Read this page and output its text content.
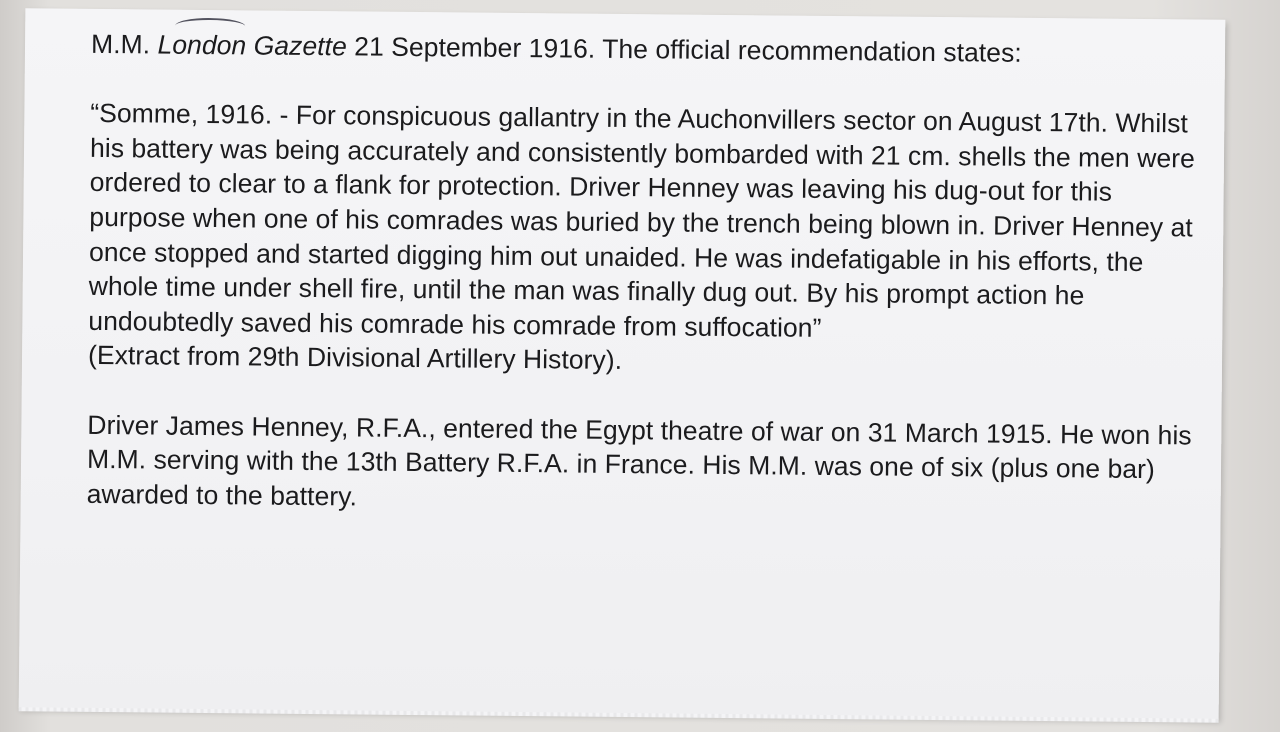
M.M. London Gazette 21 September 1916. The official recommendation states:

“Somme, 1916. - For conspicuous gallantry in the Auchonvillers sector on August 17th. Whilst his battery was being accurately and consistently bombarded with 21 cm. shells the men were ordered to clear to a flank for protection. Driver Henney was leaving his dug-out for this purpose when one of his comrades was buried by the trench being blown in. Driver Henney at once stopped and started digging him out unaided. He was indefatigable in his efforts, the whole time under shell fire, until the man was finally dug out. By his prompt action he undoubtedly saved his comrade his comrade from suffocation”

(Extract from 29th Divisional Artillery History).

Driver James Henney, R.F.A., entered the Egypt theatre of war on 31 March 1915. He won his M.M. serving with the 13th Battery R.F.A. in France. His M.M. was one of six (plus one bar) awarded to the battery.
